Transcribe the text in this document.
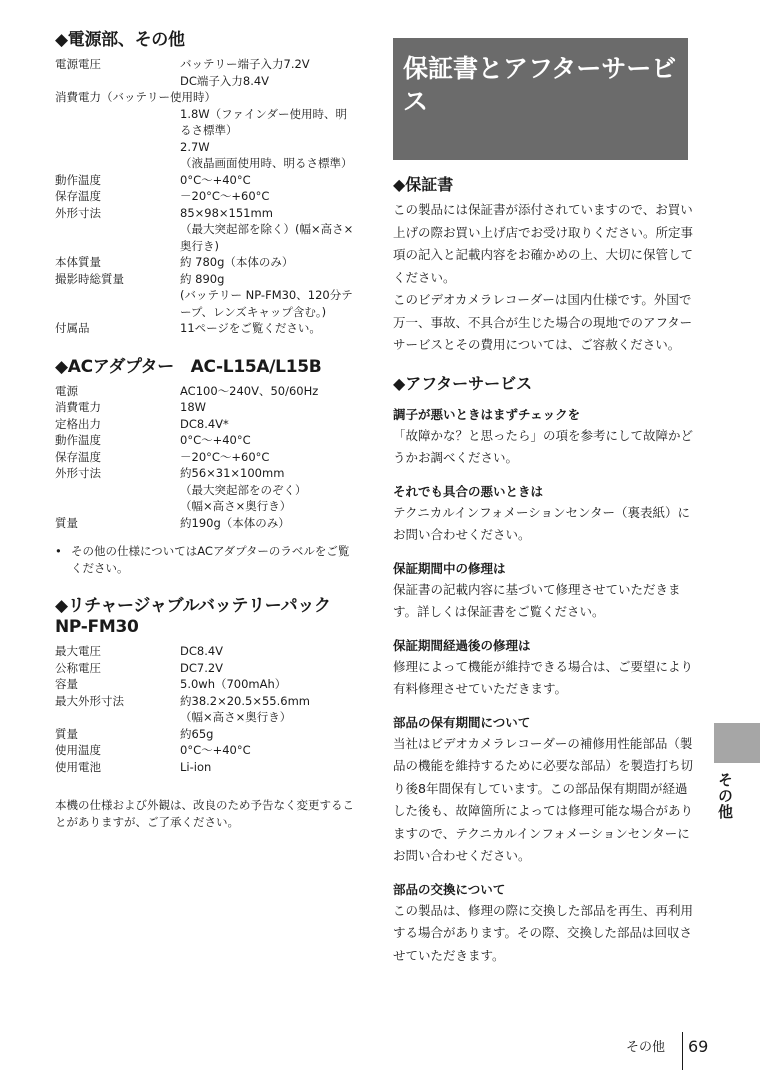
◆電源部、その他
電源電圧	バッテリー端子入力7.2V
DC端子入力8.4V
消費電力（バッテリー使用時）
1.8W（ファインダー使用時、明るさ標準）
2.7W
（液晶画面使用時、明るさ標準）
動作温度	0°C～+40°C
保存温度	－20°C～+60°C
外形寸法	85×98×151mm
（最大突起部を除く）(幅×高さ×奥行き)
本体質量	約 780g（本体のみ）
撮影時総質量	約 890g
(バッテリー NP-FM30、120分テープ、レンズキャップ含む。)
付属品	11ページをご覧ください。
◆ACアダプター　AC-L15A/L15B
電源	AC100～240V、50/60Hz
消費電力	18W
定格出力	DC8.4V*
動作温度	0°C～+40°C
保存温度	－20°C～+60°C
外形寸法	約56×31×100mm
（最大突起部をのぞく）
（幅×高さ×奥行き）
質量	約190g（本体のみ）
• その他の仕様についてはACアダプターのラベルをご覧ください。
◆リチャージャブルバッテリーパックNP-FM30
最大電圧	DC8.4V
公称電圧	DC7.2V
容量	5.0wh（700mAh）
最大外形寸法	約38.2×20.5×55.6mm
（幅×高さ×奥行き）
質量	約65g
使用温度	0°C～+40°C
使用電池	Li-ion

本機の仕様および外観は、改良のため予告なく変更することがありますが、ご了承ください。

保証書とアフターサービス
◆保証書

この製品には保証書が添付されていますので、お買い上げの際お買い上げ店でお受け取りください。所定事項の記入と記載内容をお確かめの上、大切に保管してください。

このビデオカメラレコーダーは国内仕様です。外国で万一、事故、不具合が生じた場合の現地でのアフターサービスとその費用については、ご容赦ください。

◆アフターサービス
調子が悪いときはまずチェックを

「故障かな？と思ったら」の項を参考にして故障かどうかお調べください。

それでも具合の悪いときは

テクニカルインフォメーションセンター（裏表紙）にお問い合わせください。

保証期間中の修理は

保証書の記載内容に基づいて修理させていただきます。詳しくは保証書をご覧ください。

保証期間経過後の修理は

修理によって機能が維持できる場合は、ご要望により有料修理させていただきます。

部品の保有期間について

当社はビデオカメラレコーダーの補修用性能部品（製品の機能を維持するために必要な部品）を製造打ち切り後8年間保有しています。この部品保有期間が経過した後も、故障箇所によっては修理可能な場合がありますので、テクニカルインフォメーションセンターにお問い合わせください。

部品の交換について

この製品は、修理の際に交換した部品を再生、再利用する場合があります。その際、交換した部品は回収させていただきます。

その他
その他 69
